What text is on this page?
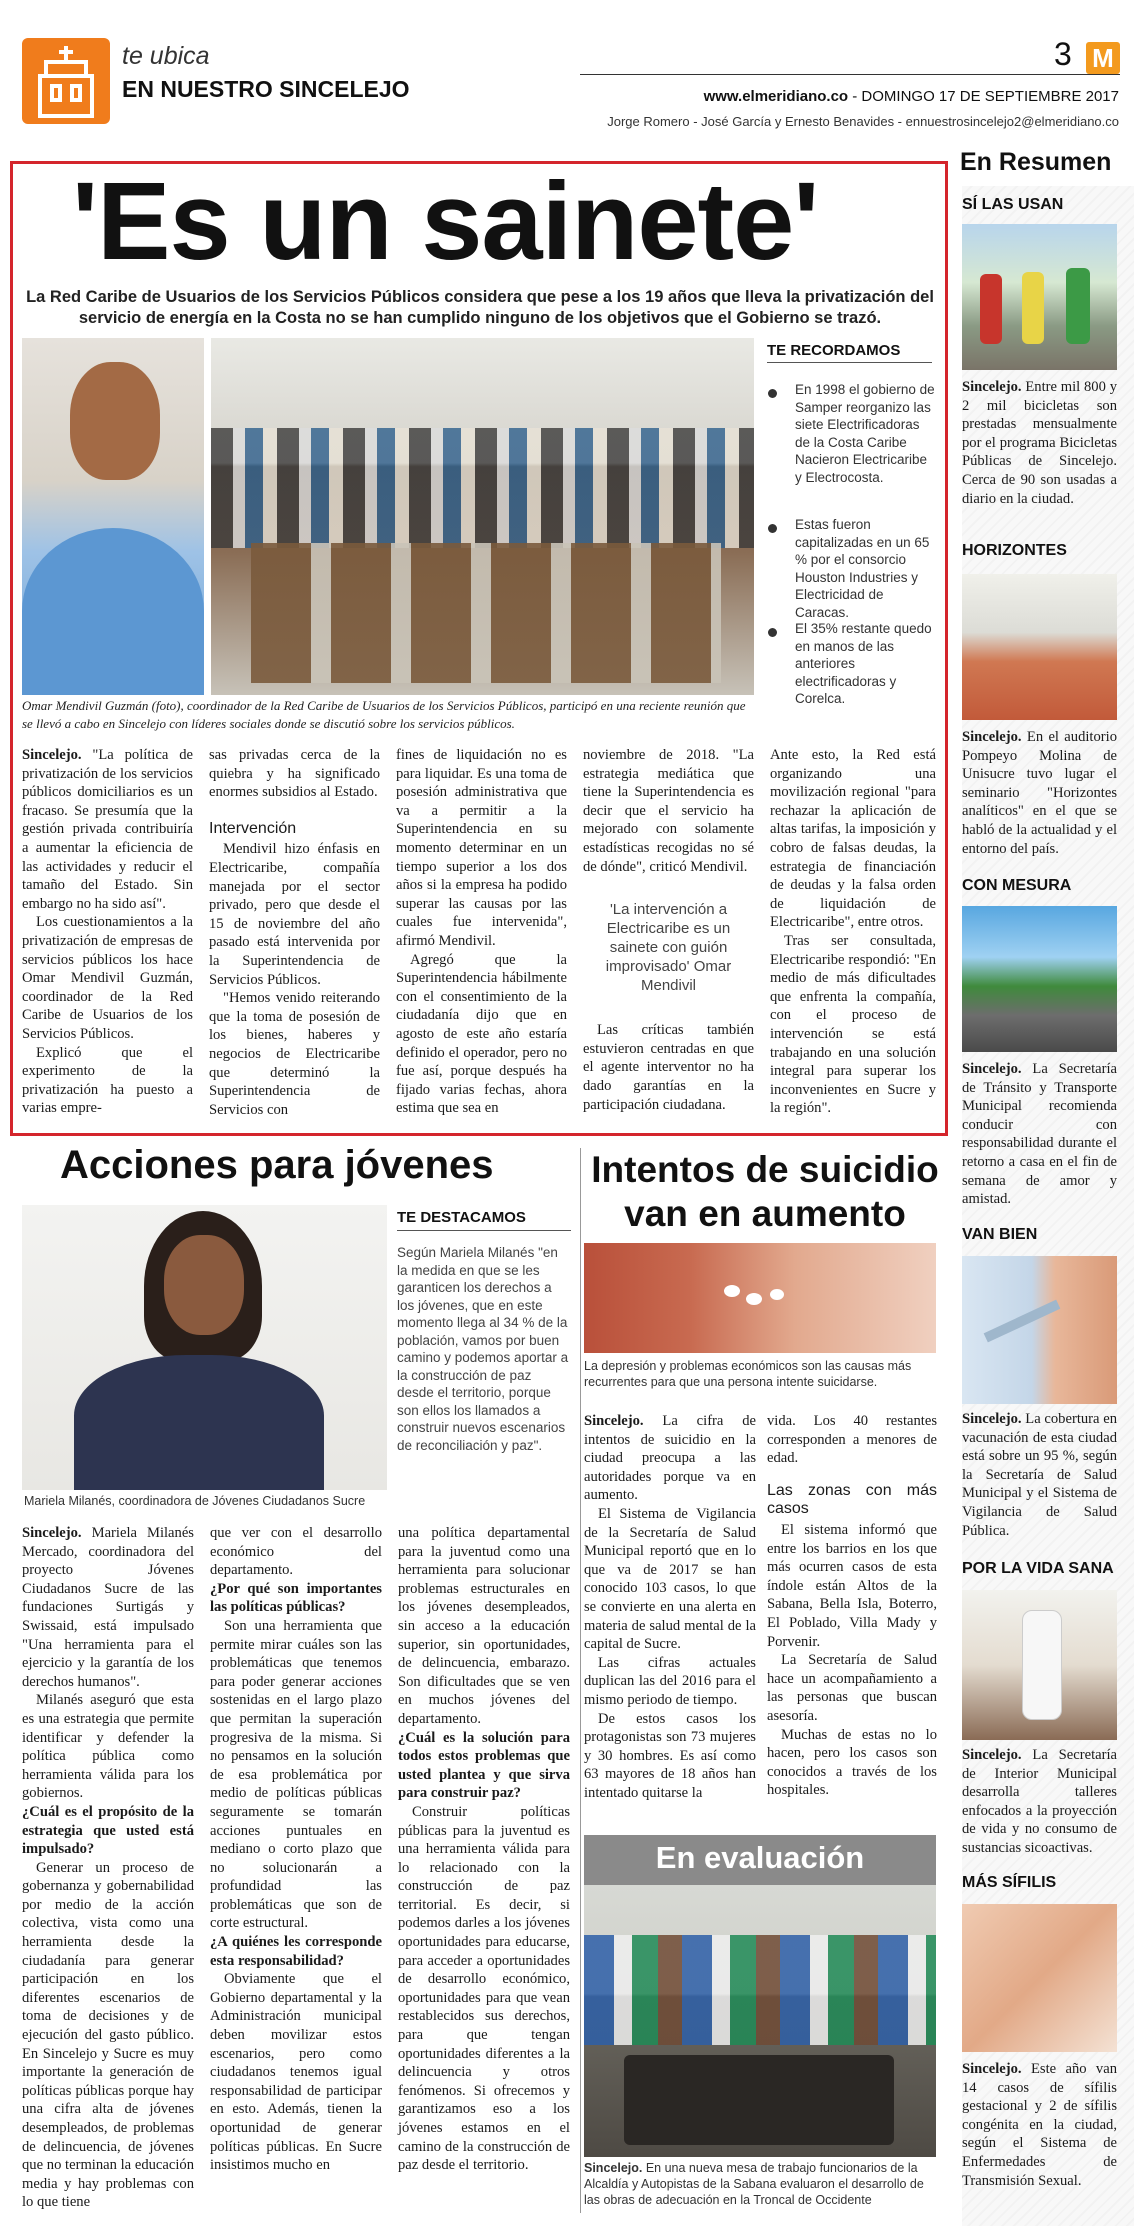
te ubica
EN NUESTRO SINCELEJO
3 M
www.elmeridiano.co - DOMINGO 17 DE SEPTIEMBRE 2017
Jorge Romero - José García y Ernesto Benavides - ennuestrosincelejo2@elmeridiano.co
'Es un sainete'
La Red Caribe de Usuarios de los Servicios Públicos considera que pese a los 19 años que lleva la privatización del servicio de energía en la Costa no se han cumplido ninguno de los objetivos que el Gobierno se trazó.
TE RECORDAMOS
En 1998 el gobierno de Samper reorganizo las siete Electrificadoras de la Costa Caribe Nacieron Electricaribe y Electrocosta.
Estas fueron capitalizadas en un 65 % por el consorcio Houston Industries y Electricidad de Caracas.
El 35% restante quedo en manos de las anteriores electrificadoras y Corelca.
Omar Mendivil Guzmán (foto), coordinador de la Red Caribe de Usuarios de los Servicios Públicos, participó en una reciente reunión que se llevó a cabo en Sincelejo con líderes sociales donde se discutió sobre los servicios públicos.

Sincelejo. "La política de privatización de los servicios públicos domiciliarios es un fracaso. Se presumía que la gestión privada contribuiría a aumentar la eficiencia de las actividades y reducir el tamaño del Estado. Sin embargo no ha sido así".

Los cuestionamientos a la privatización de empresas de servicios públicos los hace Omar Mendivil Guzmán, coordinador de la Red Caribe de Usuarios de los Servicios Públicos.

Explicó que el experimento de la privatización ha puesto a varias empre-

sas privadas cerca de la quiebra y ha significado enormes subsidios al Estado.

Intervención

Mendivil hizo énfasis en Electricaribe, compañía manejada por el sector privado, pero que desde el 15 de noviembre del año pasado está intervenida por la Superintendencia de Servicios Públicos.

"Hemos venido reiterando que la toma de posesión de los bienes, haberes y negocios de Electricaribe que determinó la Superintendencia de Servicios con

fines de liquidación no es para liquidar. Es una toma de posesión administrativa que va a permitir a la Superintendencia en su momento determinar en un tiempo superior a los dos años si la empresa ha podido superar las causas por las cuales fue intervenida", afirmó Mendivil.

Agregó que la Superintendencia hábilmente con el consentimiento de la ciudadanía dijo que en agosto de este año estaría definido el operador, pero no fue así, porque después ha fijado varias fechas, ahora estima que sea en

noviembre de 2018. "La estrategia mediática que tiene la Superintendencia es decir que el servicio ha mejorado con solamente estadísticas recogidas no sé de dónde", criticó Mendivil.

'La intervención a Electricaribe es un sainete con guión improvisado' Omar Mendivil

Las críticas también estuvieron centradas en que el agente interventor no ha dado garantías en la participación ciudadana.

Ante esto, la Red está organizando una movilización regional "para rechazar la aplicación de altas tarifas, la imposición y cobro de falsas deudas, la estrategia de financiación de deudas y la falsa orden de liquidación de Electricaribe", entre otros.

Tras ser consultada, Electricaribe respondió: "En medio de más dificultades que enfrenta la compañía, con el proceso de intervención se está trabajando en una solución integral para superar los inconvenientes en Sucre y la región".

Acciones para jóvenes
TE DESTACAMOS
Según Mariela Milanés "en la medida en que se les garanticen los derechos a los jóvenes, que en este momento llega al 34 % de la población, vamos por buen camino y podemos aportar a la construcción de paz desde el territorio, porque son ellos los llamados a construir nuevos escenarios de reconciliación y paz".
Mariela Milanés, coordinadora de Jóvenes Ciudadanos Sucre

Sincelejo. Mariela Milanés Mercado, coordinadora del proyecto Jóvenes Ciudadanos Sucre de las fundaciones Surtigás y Swissaid, está impulsado "Una herramienta para el ejercicio y la garantía de los derechos humanos".

Milanés aseguró que esta es una estrategia que permite identificar y defender la política pública como herramienta válida para los gobiernos.

¿Cuál es el propósito de la estrategia que usted está impulsado?

Generar un proceso de gobernanza y gobernabilidad por medio de la acción colectiva, vista como una herramienta desde la ciudadanía para generar participación en los diferentes escenarios de toma de decisiones y de ejecución del gasto público. En Sincelejo y Sucre es muy importante la generación de políticas públicas porque hay una cifra alta de jóvenes desempleados, de problemas de delincuencia, de jóvenes que no terminan la educación media y hay problemas con lo que tiene

que ver con el desarrollo económico del departamento.

¿Por qué son importantes las políticas públicas?

Son una herramienta que permite mirar cuáles son las problemáticas que tenemos para poder generar acciones sostenidas en el largo plazo que permitan la superación progresiva de la misma. Si no pensamos en la solución de esa problemática por medio de políticas públicas seguramente se tomarán acciones puntuales en mediano o corto plazo que no solucionarán a profundidad las problemáticas que son de corte estructural.

¿A quiénes les corresponde esta responsabilidad?

Obviamente que el Gobierno departamental y la Administración municipal deben movilizar estos escenarios, pero como ciudadanos tenemos igual responsabilidad de participar en esto. Además, tienen la oportunidad de generar políticas públicas. En Sucre insistimos mucho en

una política departamental para la juventud como una herramienta para solucionar problemas estructurales en los jóvenes desempleados, sin acceso a la educación superior, sin oportunidades, de delincuencia, embarazo. Son dificultades que se ven en muchos jóvenes del departamento.

¿Cuál es la solución para todos estos problemas que usted plantea y que sirva para construir paz?

Construir políticas públicas para la juventud es una herramienta válida para lo relacionado con la construcción de paz territorial. Es decir, si podemos darles a los jóvenes oportunidades para educarse, para acceder a oportunidades de desarrollo económico, oportunidades para que vean restablecidos sus derechos, para que tengan oportunidades diferentes a la delincuencia y otros fenómenos. Si ofrecemos y garantizamos eso a los jóvenes estamos en el camino de la construcción de paz desde el territorio.

Intentos de suicidio van en aumento
La depresión y problemas económicos son las causas más recurrentes para que una persona intente suicidarse.

Sincelejo. La cifra de intentos de suicidio en la ciudad preocupa a las autoridades porque va en aumento.

El Sistema de Vigilancia de la Secretaría de Salud Municipal reportó que en lo que va de 2017 se han conocido 103 casos, lo que se convierte en una alerta en materia de salud mental de la capital de Sucre.

Las cifras actuales duplican las del 2016 para el mismo periodo de tiempo.

De estos casos los protagonistas son 73 mujeres y 30 hombres. Es así como 63 mayores de 18 años han intentado quitarse la

vida. Los 40 restantes corresponden a menores de edad.

Las zonas con más casos

El sistema informó que entre los barrios en los que más ocurren casos de esta índole están Altos de la Sabana, Bella Isla, Boterro, El Poblado, Villa Mady y Porvenir.

La Secretaría de Salud hace un acompañamiento a las personas que buscan asesoría.

Muchas de estas no lo hacen, pero los casos son conocidos a través de los hospitales.

En evaluación
Sincelejo. En una nueva mesa de trabajo funcionarios de la Alcaldía y Autopistas de la Sabana evaluaron el desarrollo de las obras de adecuación en la Troncal de Occidente
En Resumen
SÍ LAS USAN
Sincelejo. Entre mil 800 y 2 mil bicicletas son prestadas mensualmente por el programa Bicicletas Públicas de Sincelejo. Cerca de 90 son usadas a diario en la ciudad.
HORIZONTES
Sincelejo. En el auditorio Pompeyo Molina de Unisucre tuvo lugar el seminario "Horizontes analíticos" en el que se habló de la actualidad y el entorno del país.
CON MESURA
Sincelejo. La Secretaría de Tránsito y Transporte Municipal recomienda conducir con responsabilidad durante el retorno a casa en el fin de semana de amor y amistad.
VAN BIEN
Sincelejo. La cobertura en vacunación de esta ciudad está sobre un 95 %, según la Secretaría de Salud Municipal y el Sistema de Vigilancia de Salud Pública.
POR LA VIDA SANA
Sincelejo. La Secretaría de Interior Municipal desarrolla talleres enfocados a la proyección de vida y no consumo de sustancias sicoactivas.
MÁS SÍFILIS
Sincelejo. Este año van 14 casos de sífilis gestacional y 2 de sífilis congénita en la ciudad, según el Sistema de Enfermedades de Transmisión Sexual.
